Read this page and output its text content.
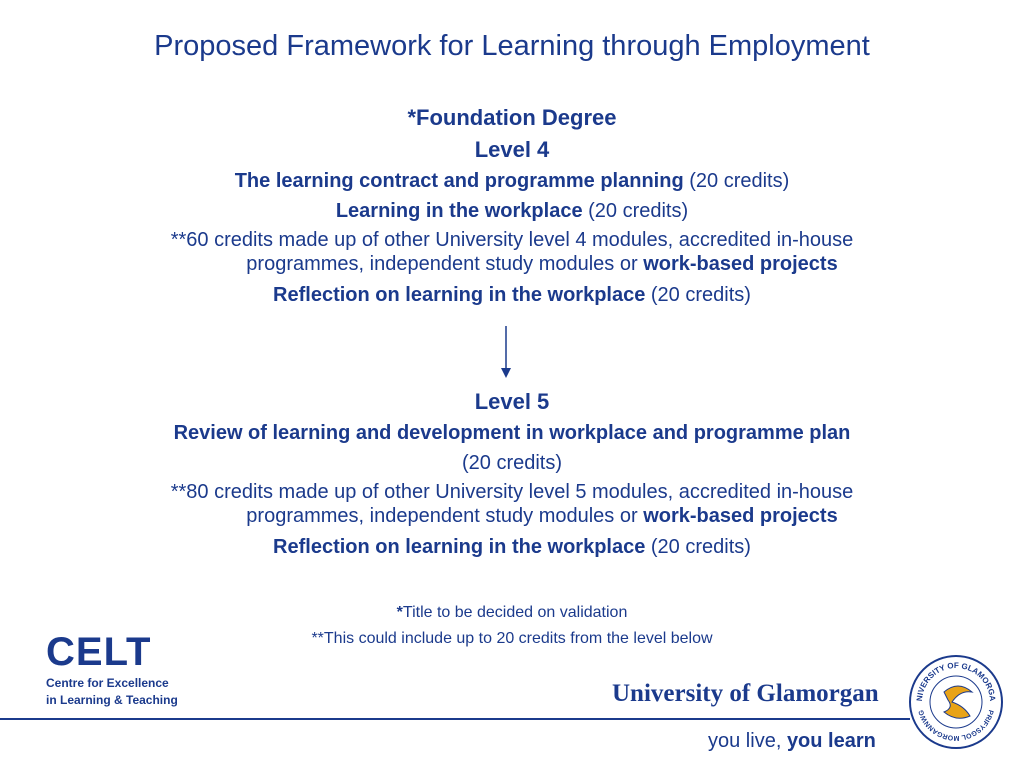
Proposed Framework for Learning through Employment
*Foundation Degree
Level 4
The learning contract and programme planning (20 credits)
Learning in the workplace (20 credits)
**60 credits made up of other University level 4 modules, accredited in-house
programmes, independent study modules or work-based projects
Reflection on learning in the workplace (20 credits)
Level 5
Review of learning and development in workplace and programme plan
(20 credits)
**80 credits made up of other University level 5 modules, accredited in-house
programmes, independent study modules or work-based projects
Reflection on learning in the workplace (20 credits)
*Title to be decided on validation
**This could include up to 20 credits from the level below
CELT
Centre for Excellence
in Learning & Teaching	University of Glamorgan
you live, you learn
NIVERSITY OF GLAMORGA
PRIFYSGOL MORGANNWG
